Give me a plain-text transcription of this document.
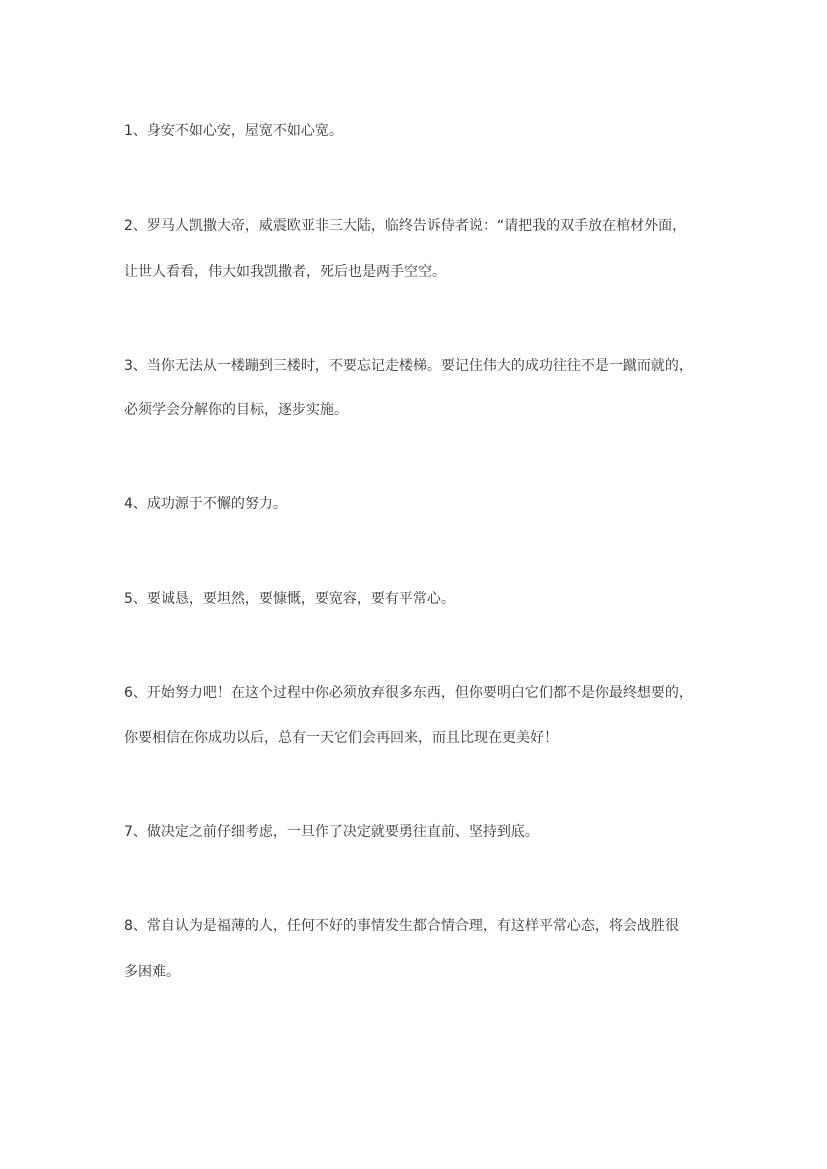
1、身安不如心安，屋宽不如心宽。
2、罗马人凯撒大帝，威震欧亚非三大陆，临终告诉侍者说：“请把我的双手放在棺材外面，
让世人看看，伟大如我凯撒者，死后也是两手空空。
3、当你无法从一楼蹦到三楼时，不要忘记走楼梯。要记住伟大的成功往往不是一蹴而就的，
必须学会分解你的目标，逐步实施。
4、成功源于不懈的努力。
5、要诚恳，要坦然，要慷慨，要宽容，要有平常心。
6、开始努力吧！在这个过程中你必须放弃很多东西，但你要明白它们都不是你最终想要的，
你要相信在你成功以后，总有一天它们会再回来，而且比现在更美好！
7、做决定之前仔细考虑，一旦作了决定就要勇往直前、坚持到底。
8、常自认为是福薄的人，任何不好的事情发生都合情合理，有这样平常心态，将会战胜很
多困难。
